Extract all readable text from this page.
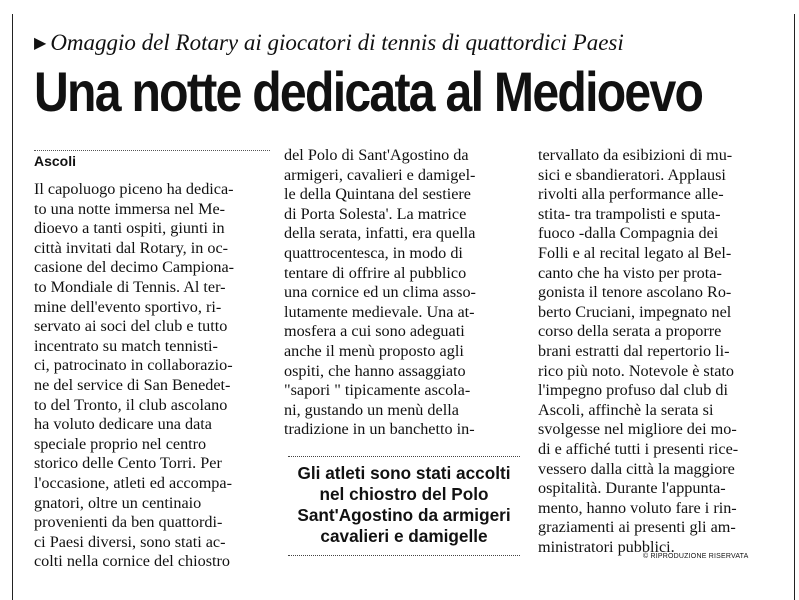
▶ Omaggio del Rotary ai giocatori di tennis di quattordici Paesi
Una notte dedicata al Medioevo
Ascoli
Il capoluogo piceno ha dedica-
to una notte immersa nel Me-
dioevo a tanti ospiti, giunti in
città invitati dal Rotary, in oc-
casione del decimo Campiona-
to Mondiale di Tennis. Al ter-
mine dell'evento sportivo, ri-
servato ai soci del club e tutto
incentrato su match tennisti-
ci, patrocinato in collaborazio-
ne del service di San Benedet-
to del Tronto, il club ascolano
ha voluto dedicare una data
speciale proprio nel centro
storico delle Cento Torri. Per
l'occasione, atleti ed accompa-
gnatori, oltre un centinaio
provenienti da ben quattordi-
ci Paesi diversi, sono stati ac-
colti nella cornice del chiostro
del Polo di Sant'Agostino da
armigeri, cavalieri e damigel-
le della Quintana del sestiere
di Porta Solesta'. La matrice
della serata, infatti, era quella
quattrocentesca, in modo di
tentare di offrire al pubblico
una cornice ed un clima asso-
lutamente medievale. Una at-
mosfera a cui sono adeguati
anche il menù proposto agli
ospiti, che hanno assaggiato
"sapori " tipicamente ascola-
ni, gustando un menù della
tradizione in un banchetto in-
tervallato da esibizioni di mu-
sici e sbandieratori. Applausi
rivolti alla performance alle-
stita- tra trampolisti e sputa-
fuoco -dalla Compagnia dei
Folli e al recital legato al Bel-
canto che ha visto per prota-
gonista il tenore ascolano Ro-
berto Cruciani, impegnato nel
corso della serata a proporre
brani estratti dal repertorio li-
rico più noto. Notevole è stato
l'impegno profuso dal club di
Ascoli, affinchè la serata si
svolgesse nel migliore dei mo-
di e affiché tutti i presenti rice-
vessero dalla città la maggiore
ospitalità. Durante l'appunta-
mento, hanno voluto fare i rin-
graziamenti ai presenti gli am-
ministratori pubblici.
Gli atleti sono stati accolti
nel chiostro del Polo
Sant'Agostino da armigeri
cavalieri e damigelle
© RIPRODUZIONE RISERVATA
